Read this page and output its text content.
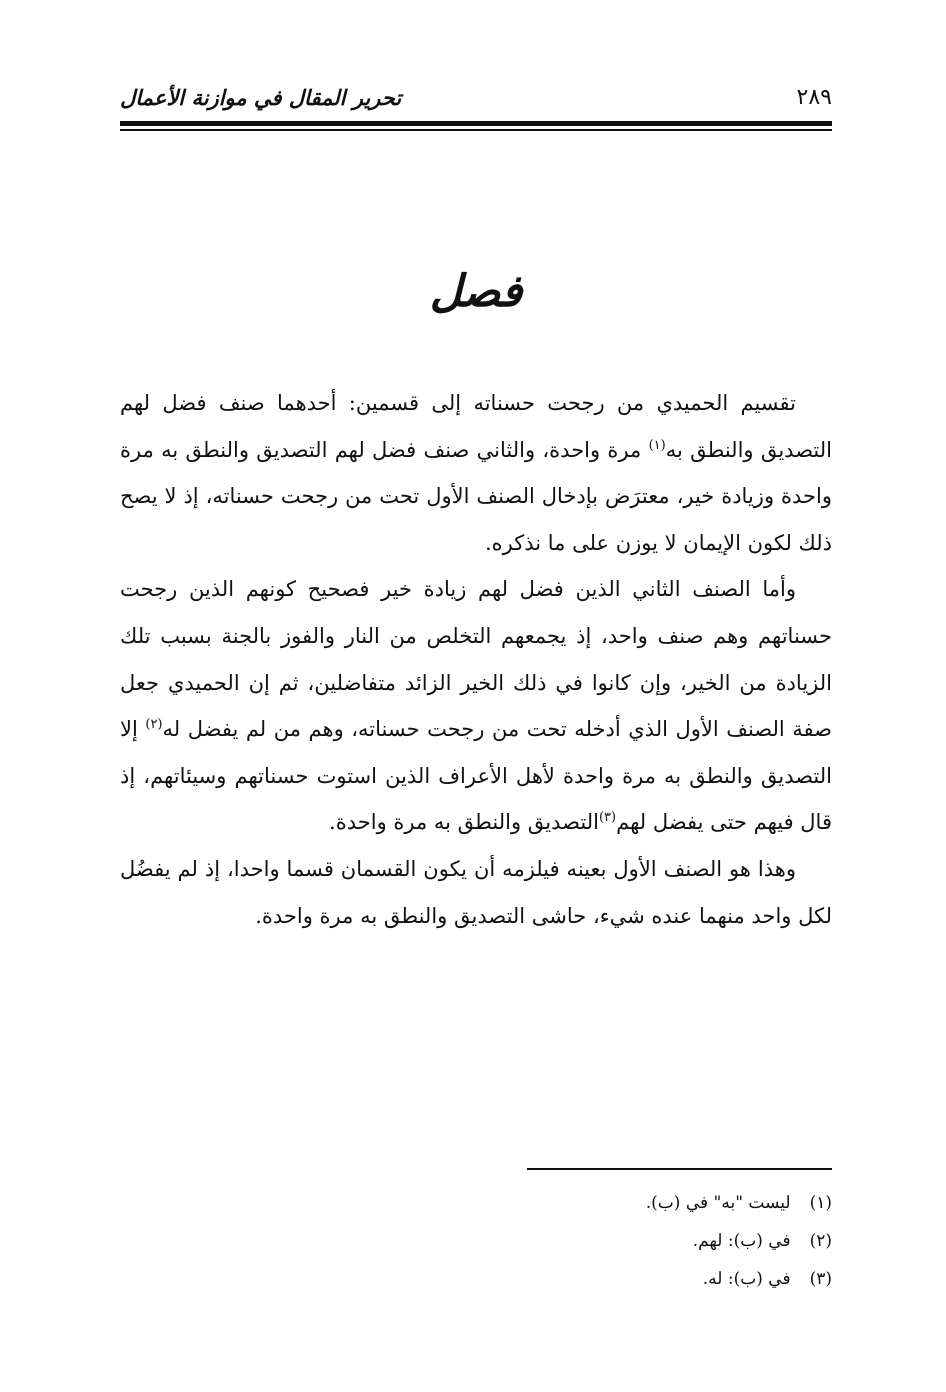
٢٨٩
تحرير المقال في موازنة الأعمال
فصل

تقسيم الحميدي من رجحت حسناته إلى قسمين: أحدهما صنف فضل لهم التصديق والنطق به$^{(١)}$ مرة واحدة، والثاني صنف فضل لهم التصديق والنطق به مرة واحدة وزيادة خير، معترَض بإدخال الصنف الأول تحت من رجحت حسناته، إذ لا يصح ذلك لكون الإيمان لا يوزن على ما نذكره.

وأما الصنف الثاني الذين فضل لهم زيادة خير فصحيح كونهم الذين رجحت حسناتهم وهم صنف واحد، إذ يجمعهم التخلص من النار والفوز بالجنة بسبب تلك الزيادة من الخير، وإن كانوا في ذلك الخير الزائد متفاضلين، ثم إن الحميدي جعل صفة الصنف الأول الذي أدخله تحت من رجحت حسناته، وهم من لم يفضل له$^{(٢)}$ إلا التصديق والنطق به مرة واحدة لأهل الأعراف الذين استوت حسناتهم وسيئاتهم، إذ قال فيهم حتى يفضل لهم$^{(٣)}$التصديق والنطق به مرة واحدة.

وهذا هو الصنف الأول بعينه فيلزمه أن يكون القسمان قسما واحدا، إذ لم يفضُل لكل واحد منهما عنده شيء، حاشى التصديق والنطق به مرة واحدة.

(١) ليست "به" في (ب).

(٢) في (ب): لهم.

(٣) في (ب): له.
